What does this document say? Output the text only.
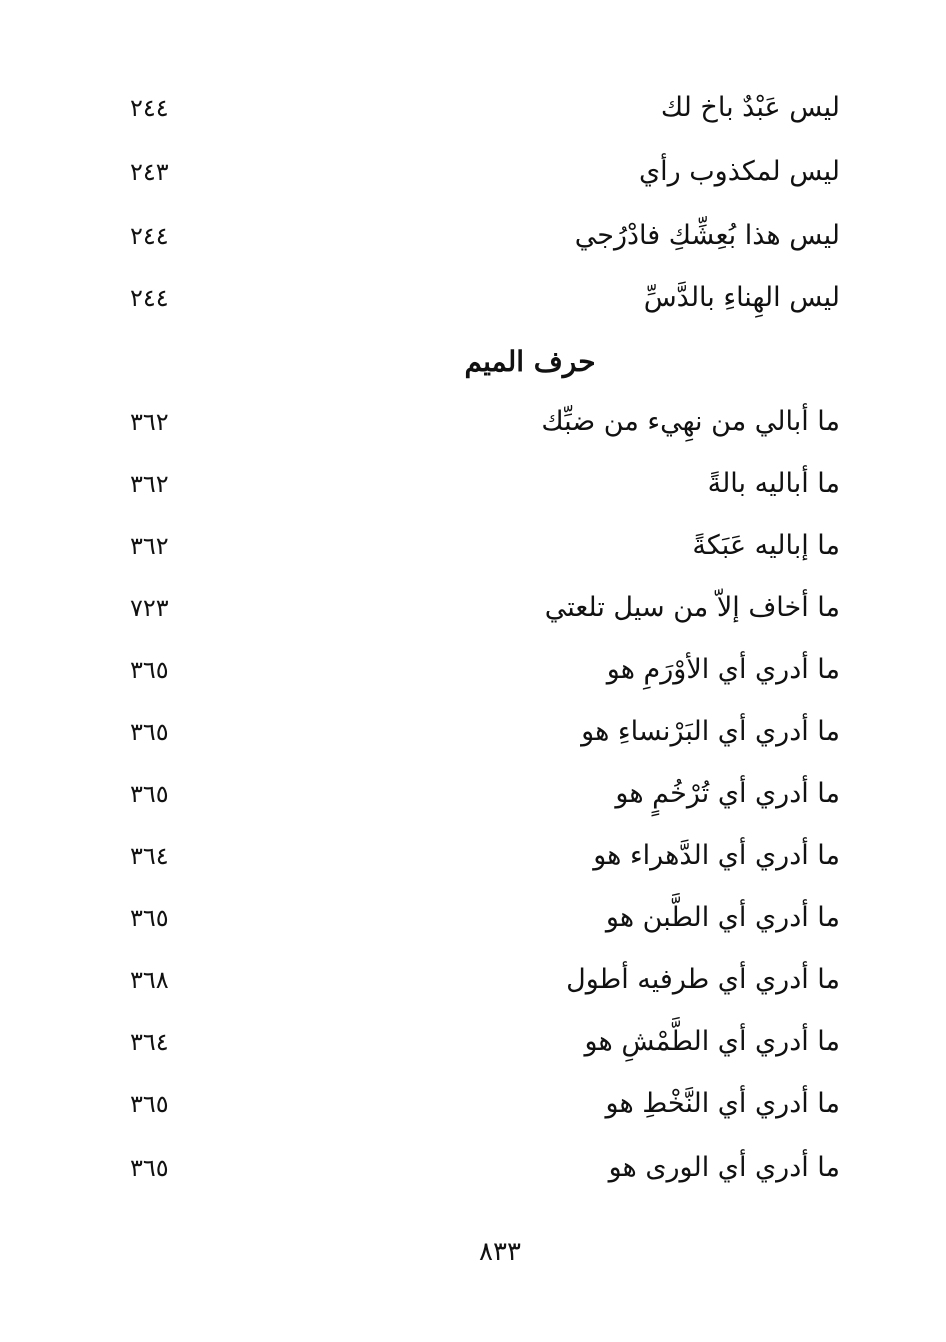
ليس عَبْدٌ باخ لك
٢٤٤
ليس لمكذوب رأي
٢٤٣
ليس هذا بُعِشِّكِ فادْرُجي
٢٤٤
ليس الهِناءِ بالدَّسِّ
٢٤٤
حرف الميم
ما أبالي من نهِيء من ضبِّك
٣٦٢
ما أباليه بالةً
٣٦٢
ما إباليه عَبَكةً
٣٦٢
ما أخاف إلاّ من سيل تلعتي
٧٢٣
ما أدري أي الأوْرَمِ هو
٣٦٥
ما أدري أي البَرْنساءِ هو
٣٦٥
ما أدري أي تُرْخُمٍ هو
٣٦٥
ما أدري أي الدَّهراء هو
٣٦٤
ما أدري أي الطَّبن هو
٣٦٥
ما أدري أي طرفيه أطول
٣٦٨
ما أدري أي الطَّمْشِ هو
٣٦٤
ما أدري أي النَّخْطِ هو
٣٦٥
ما أدري أي الورى هو
٣٦٥
٨٣٣
